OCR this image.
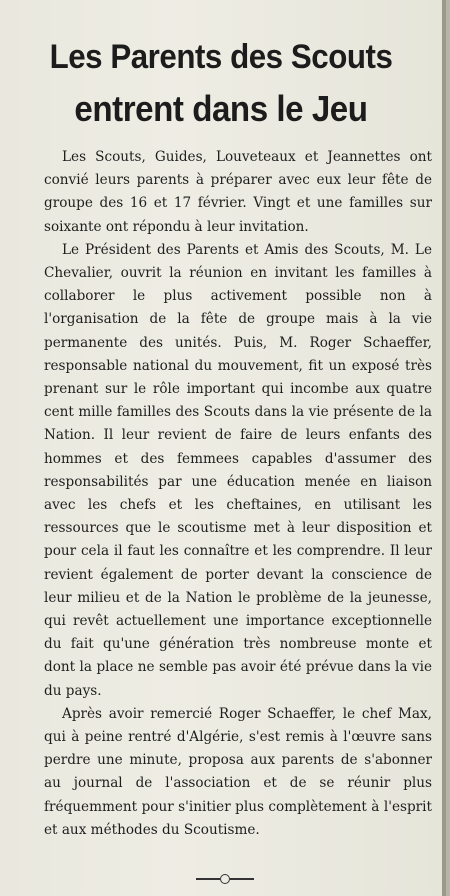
Les Parents des Scouts
entrent dans le Jeu

Les Scouts, Guides, Louveteaux et Jeannettes ont convié leurs parents à préparer avec eux leur fête de groupe des 16 et 17 février. Vingt et une familles sur soixante ont répondu à leur invitation.

Le Président des Parents et Amis des Scouts, M. Le Chevalier, ouvrit la réunion en invitant les familles à collaborer le plus activement possible non à l'organisation de la fête de groupe mais à la vie permanente des unités. Puis, M. Roger Schaeffer, responsable national du mouvement, fit un exposé très prenant sur le rôle important qui incombe aux quatre cent mille familles des Scouts dans la vie présente de la Nation. Il leur revient de faire de leurs enfants des hommes et des femmees capables d'assumer des responsabilités par une éducation menée en liaison avec les chefs et les cheftaines, en utilisant les ressources que le scoutisme met à leur disposition et pour cela il faut les connaître et les comprendre. Il leur revient également de porter devant la conscience de leur milieu et de la Nation le problème de la jeunesse, qui revêt actuellement une importance exceptionnelle du fait qu'une génération très nombreuse monte et dont la place ne semble pas avoir été prévue dans la vie du pays.

Après avoir remercié Roger Schaeffer, le chef Max, qui à peine rentré d'Algérie, s'est remis à l'œuvre sans perdre une minute, proposa aux parents de s'abonner au journal de l'association et de se réunir plus fréquemment pour s'initier plus complètement à l'esprit et aux méthodes du Scoutisme.
